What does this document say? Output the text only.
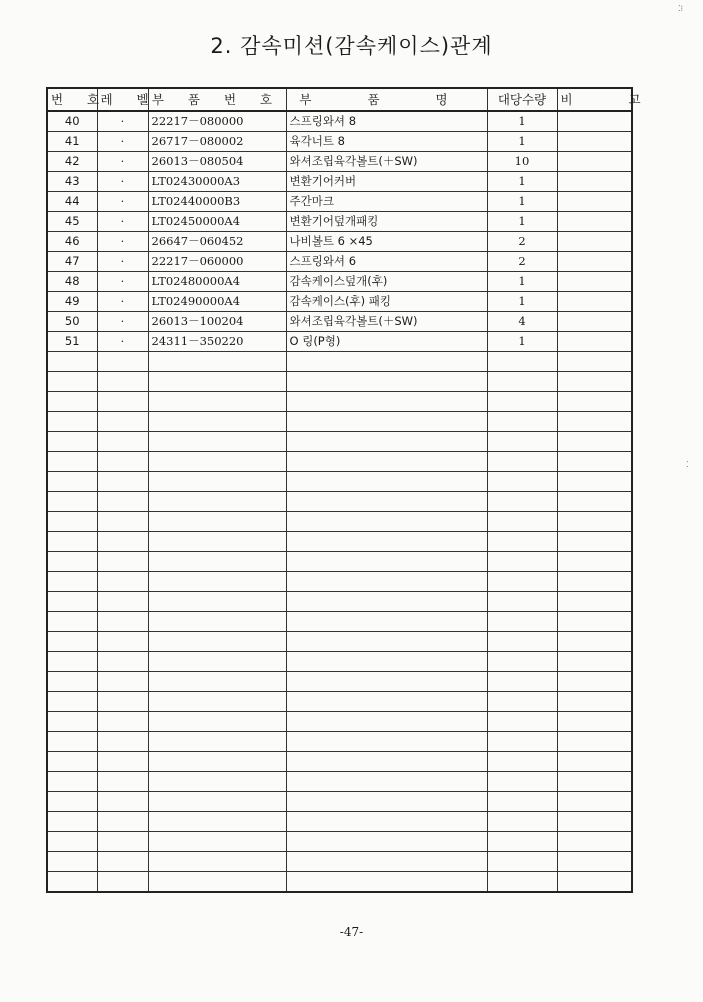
2. 감속미션(감속케이스)관계
번 호	레 벨	부 품 번 호	부 품 명	대당수량	비 고
40	·	22217－080000	스프링와셔 8	1	
41	·	26717－080002	육각너트 8	1	
42	·	26013－080504	와셔조립육각볼트(＋SW)	10	
43	·	LT02430000A3	변환기어커버	1	
44	·	LT02440000B3	주간마크	1	
45	·	LT02450000A4	변환기어덮개패킹	1	
46	·	26647－060452	나비볼트 6 ×45	2	
47	·	22217－060000	스프링와셔 6	2	
48	·	LT02480000A4	감속케이스덮개(후)	1	
49	·	LT02490000A4	감속케이스(후) 패킹	1	
50	·	26013－100204	와셔조립육각볼트(＋SW)	4	
51	·	24311－350220	O 링(P형)	1	

-47-
⁚⁝
⁚
